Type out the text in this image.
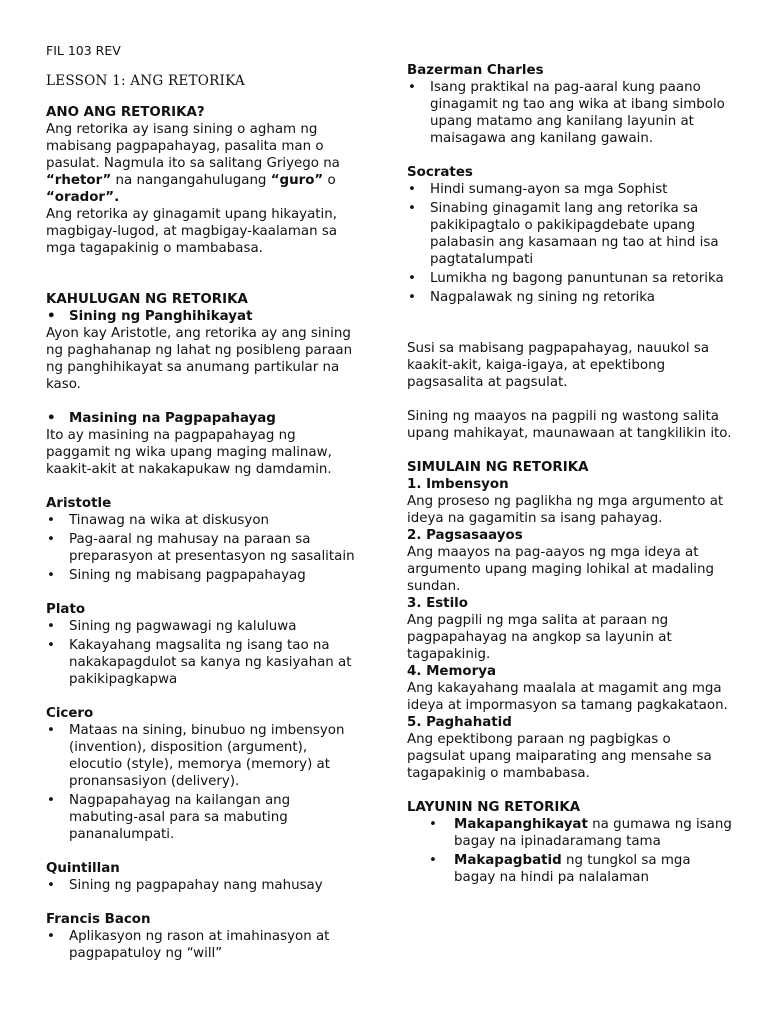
FIL 103 REV
LESSON 1: ANG RETORIKA
ANO ANG RETORIKA?

Ang retorika ay isang sining o agham ng mabisang pagpapahayag, pasalita man o pasulat. Nagmula ito sa salitang Griyego na “rhetor” na nangangahulugang “guro” o “orador”.

Ang retorika ay ginagamit upang hikayatin, magbigay-lugod, at magbigay-kaalaman sa mga tagapakinig o mambabasa.

KAHULUGAN NG RETORIKA
• Sining ng Panghihikayat

Ayon kay Aristotle, ang retorika ay ang sining ng paghahanap ng lahat ng posibleng paraan ng panghihikayat sa anumang partikular na kaso.

• Masining na Pagpapahayag

Ito ay masining na pagpapahayag ng paggamit ng wika upang maging malinaw, kaakit-akit at nakakapukaw ng damdamin.

Aristotle
• Tinawag na wika at diskusyon
• Pag-aaral ng mahusay na paraan sa preparasyon at presentasyon ng sasalitain
• Sining ng mabisang pagpapahayag
Plato
• Sining ng pagwawagi ng kaluluwa
• Kakayahang magsalita ng isang tao na nakakapagdulot sa kanya ng kasiyahan at pakikipagkapwa
Cicero
• Mataas na sining, binubuo ng imbensyon (invention), disposition (argument), elocutio (style), memorya (memory) at pronansasiyon (delivery).
• Nagpapahayag na kailangan ang mabuting-asal para sa mabuting pananalumpati.
Quintillan
• Sining ng pagpapahay nang mahusay
Francis Bacon
• Aplikasyon ng rason at imahinasyon at pagpapatuloy ng “will”
Bazerman Charles
• Isang praktikal na pag-aaral kung paano ginagamit ng tao ang wika at ibang simbolo upang matamo ang kanilang layunin at maisagawa ang kanilang gawain.
Socrates
• Hindi sumang-ayon sa mga Sophist
• Sinabing ginagamit lang ang retorika sa pakikipagtalo o pakikipagdebate upang palabasin ang kasamaan ng tao at hind isa pagtatalumpati
• Lumikha ng bagong panuntunan sa retorika
• Nagpalawak ng sining ng retorika

Susi sa mabisang pagpapahayag, nauukol sa kaakit-akit, kaiga-igaya, at epektibong pagsasalita at pagsulat.

Sining ng maayos na pagpili ng wastong salita upang mahikayat, maunawaan at tangkilikin ito.

SIMULAIN NG RETORIKA
1. Imbensyon

Ang proseso ng paglikha ng mga argumento at ideya na gagamitin sa isang pahayag.

2. Pagsasaayos

Ang maayos na pag-aayos ng mga ideya at argumento upang maging lohikal at madaling sundan.

3. Estilo

Ang pagpili ng mga salita at paraan ng pagpapahayag na angkop sa layunin at tagapakinig.

4. Memorya

Ang kakayahang maalala at magamit ang mga ideya at impormasyon sa tamang pagkakataon.

5. Paghahatid

Ang epektibong paraan ng pagbigkas o pagsulat upang maiparating ang mensahe sa tagapakinig o mambabasa.

LAYUNIN NG RETORIKA
• Makapanghikayat na gumawa ng isang bagay na ipinadaramang tama
• Makapagbatid ng tungkol sa mga bagay na hindi pa nalalaman
